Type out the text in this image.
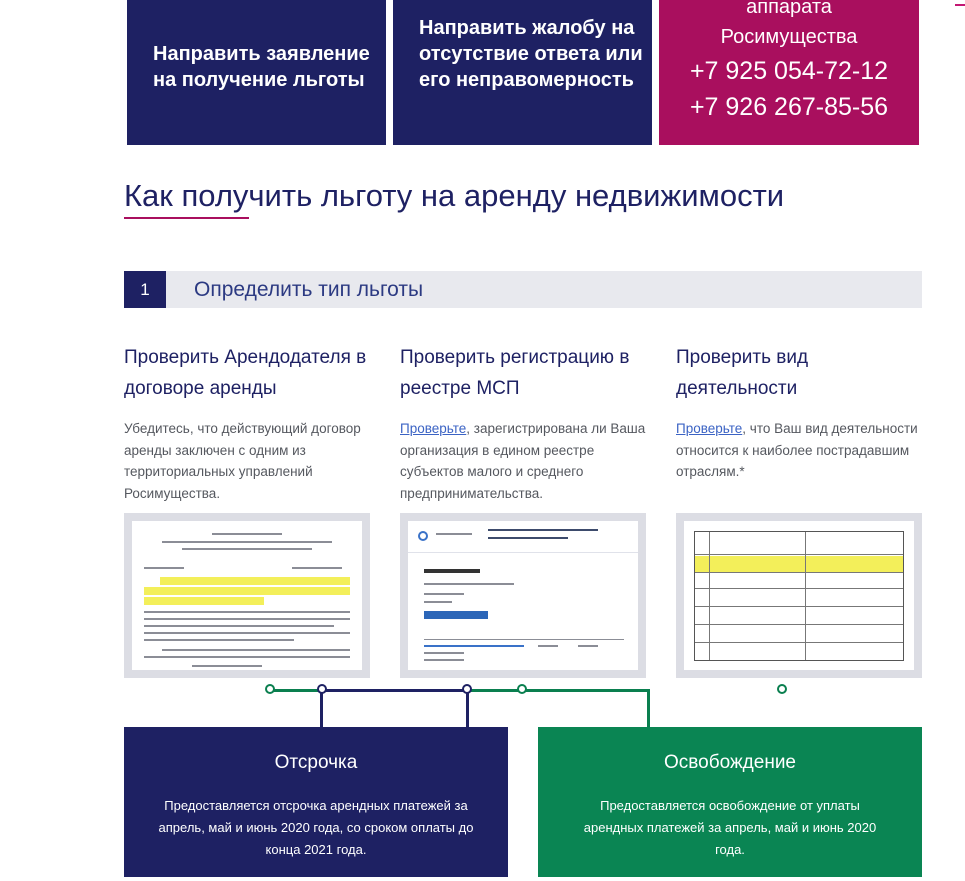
Направить заявление на получение льготы
Направить жалобу на отсутствие ответа или его неправомерность
аппарата
Росимущества
+7 925 054-72-12
+7 926 267-85-56
Как получить льготу на аренду недвижимости
1	Определить тип льготы
Проверить Арендодателя в договоре аренды

Убедитесь, что действующий договор аренды заключен с одним из территориальных управлений Росимущества.

Проверить регистрацию в реестре МСП

Проверьте, зарегистрирована ли Ваша организация в едином реестре субъектов малого и среднего предпринимательства.

Проверить вид деятельности

Проверьте, что Ваш вид деятельности относится к наиболее пострадавшим отраслям.*

Отсрочка
Предоставляется отсрочка арендных платежей за апрель, май и июнь 2020 года, со сроком оплаты до конца 2021 года.
Освобождение
Предоставляется освобождение от уплаты арендных платежей за апрель, май и июнь 2020 года.
